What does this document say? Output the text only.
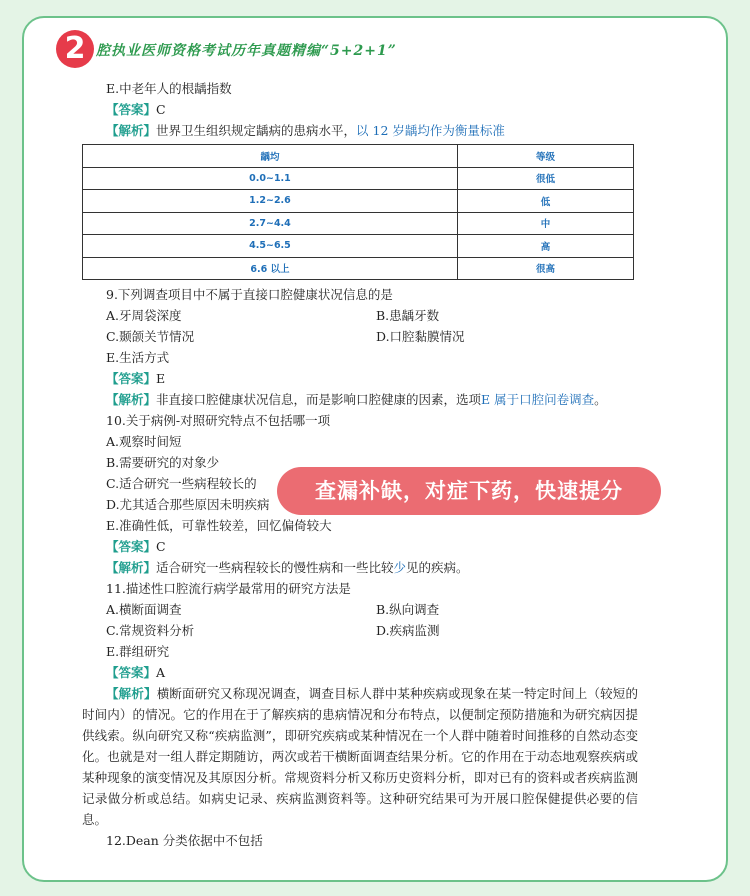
2 腔执业医师资格考试历年真题精编“5+2+1”
E.中老年人的根龋指数
【答案】C
【解析】世界卫生组织规定龋病的患病水平，以 12 岁龋均作为衡量标准
龋均	等级
0.0~1.1	很低
1.2~2.6	低
2.7~4.4	中
4.5~6.5	高
6.6 以上	很高
9.下列调查项目中不属于直接口腔健康状况信息的是
A.牙周袋深度	B.患龋牙数
C.颞颌关节情况	D.口腔黏膜情况
E.生活方式
【答案】E
【解析】非直接口腔健康状况信息，而是影响口腔健康的因素，选项E 属于口腔问卷调查。
10.关于病例-对照研究特点不包括哪一项
A.观察时间短
B.需要研究的对象少
C.适合研究一些病程较长的
D.尤其适合那些原因未明疾病
E.准确性低，可靠性较差，回忆偏倚较大
【答案】C
【解析】适合研究一些病程较长的慢性病和一些比较少见的疾病。
11.描述性口腔流行病学最常用的研究方法是
A.横断面调查	B.纵向调查
C.常规资料分析	D.疾病监测
E.群组研究
【答案】A
【解析】横断面研究又称现况调查，调查目标人群中某种疾病或现象在某一特定时间上（较短的时间内）的情况。它的作用在于了解疾病的患病情况和分布特点，以便制定预防措施和为研究病因提供线索。纵向研究又称“疾病监测”，即研究疾病或某种情况在一个人群中随着时间推移的自然动态变化。也就是对一组人群定期随访，两次或若干横断面调查结果分析。它的作用在于动态地观察疾病或某种现象的演变情况及其原因分析。常规资料分析又称历史资料分析，即对已有的资料或者疾病监测记录做分析或总结。如病史记录、疾病监测资料等。这种研究结果可为开展口腔保健提供必要的信息。
12.Dean 分类依据中不包括
查漏补缺，对症下药，快速提分
